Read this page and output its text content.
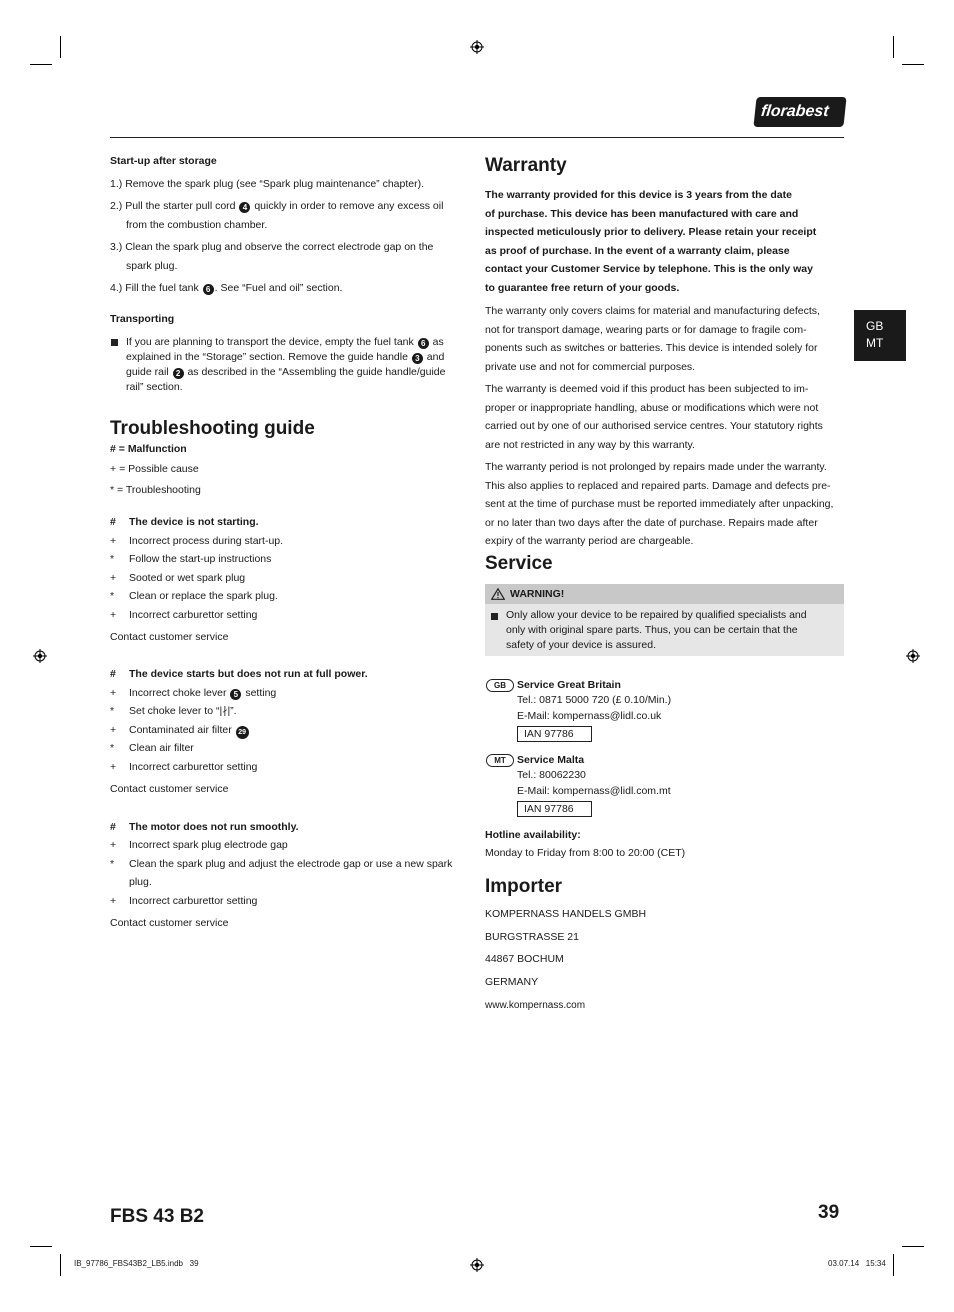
florabest
Start-up after storage
1.) Remove the spark plug (see “Spark plug maintenance” chapter).
2.) Pull the starter pull cord 4 quickly in order to remove any excess oil
from the combustion chamber.
3.) Clean the spark plug and observe the correct electrode gap on the
spark plug.
4.) Fill the fuel tank 6 . See “Fuel and oil” section.
Transporting
If you are planning to transport the device, empty the fuel tank 6 as
explained in the “Storage” section. Remove the guide handle 3 and
guide rail 2 as described in the “Assembling the guide handle/guide
rail” section.
Troubleshooting guide
# = Malfunction
+ = Possible cause
* = Troubleshooting
# The device is not starting.
+ Incorrect process during start-up.
* Follow the start-up instructions
+ Sooted or wet spark plug
* Clean or replace the spark plug.
+ Incorrect carburettor setting
Contact customer service
# The device starts but does not run at full power.
+ Incorrect choke lever 5 setting
* Set choke lever to “|∤|”.
+ Contaminated air filter 29
* Clean air filter
+ Incorrect carburettor setting
Contact customer service
# The motor does not run smoothly.
+ Incorrect spark plug electrode gap
* Clean the spark plug and adjust the electrode gap or use a new spark
plug.
+ Incorrect carburettor setting
Contact customer service
Warranty
The warranty provided for this device is 3 years from the date
of purchase. This device has been manufactured with care and
inspected meticulously prior to delivery. Please retain your receipt
as proof of purchase. In the event of a warranty claim, please
contact your Customer Service by telephone. This is the only way
to guarantee free return of your goods.
The warranty only covers claims for material and manufacturing defects,
not for transport damage, wearing parts or for damage to fragile com-
ponents such as switches or batteries. This device is intended solely for
private use and not for commercial purposes.
The warranty is deemed void if this product has been subjected to im-
proper or inappropriate handling, abuse or modifications which were not
carried out by one of our authorised service centres. Your statutory rights
are not restricted in any way by this warranty.
The warranty period is not prolonged by repairs made under the warranty.
This also applies to replaced and repaired parts. Damage and defects pre-
sent at the time of purchase must be reported immediately after unpacking,
or no later than two days after the date of purchase. Repairs made after
expiry of the warranty period are chargeable.
Service
WARNING!
Only allow your device to be repaired by qualified specialists and
only with original spare parts. Thus, you can be certain that the
safety of your device is assured.
GB	Service Great Britain
Tel.: 0871 5000 720 (£ 0.10/Min.)
E-Mail: kompernass@lidl.co.uk
IAN 97786
MT	Service Malta
Tel.: 80062230
E-Mail: kompernass@lidl.com.mt
IAN 97786
Hotline availability:
Monday to Friday from 8:00 to 20:00 (CET)
Importer
KOMPERNASS HANDELS GMBH
BURGSTRASSE 21
44867 BOCHUM
GERMANY
www.kompernass.com
GB
MT
FBS 43 B2	39
IB_97786_FBS43B2_LB5.indb   39	03.07.14   15:34
